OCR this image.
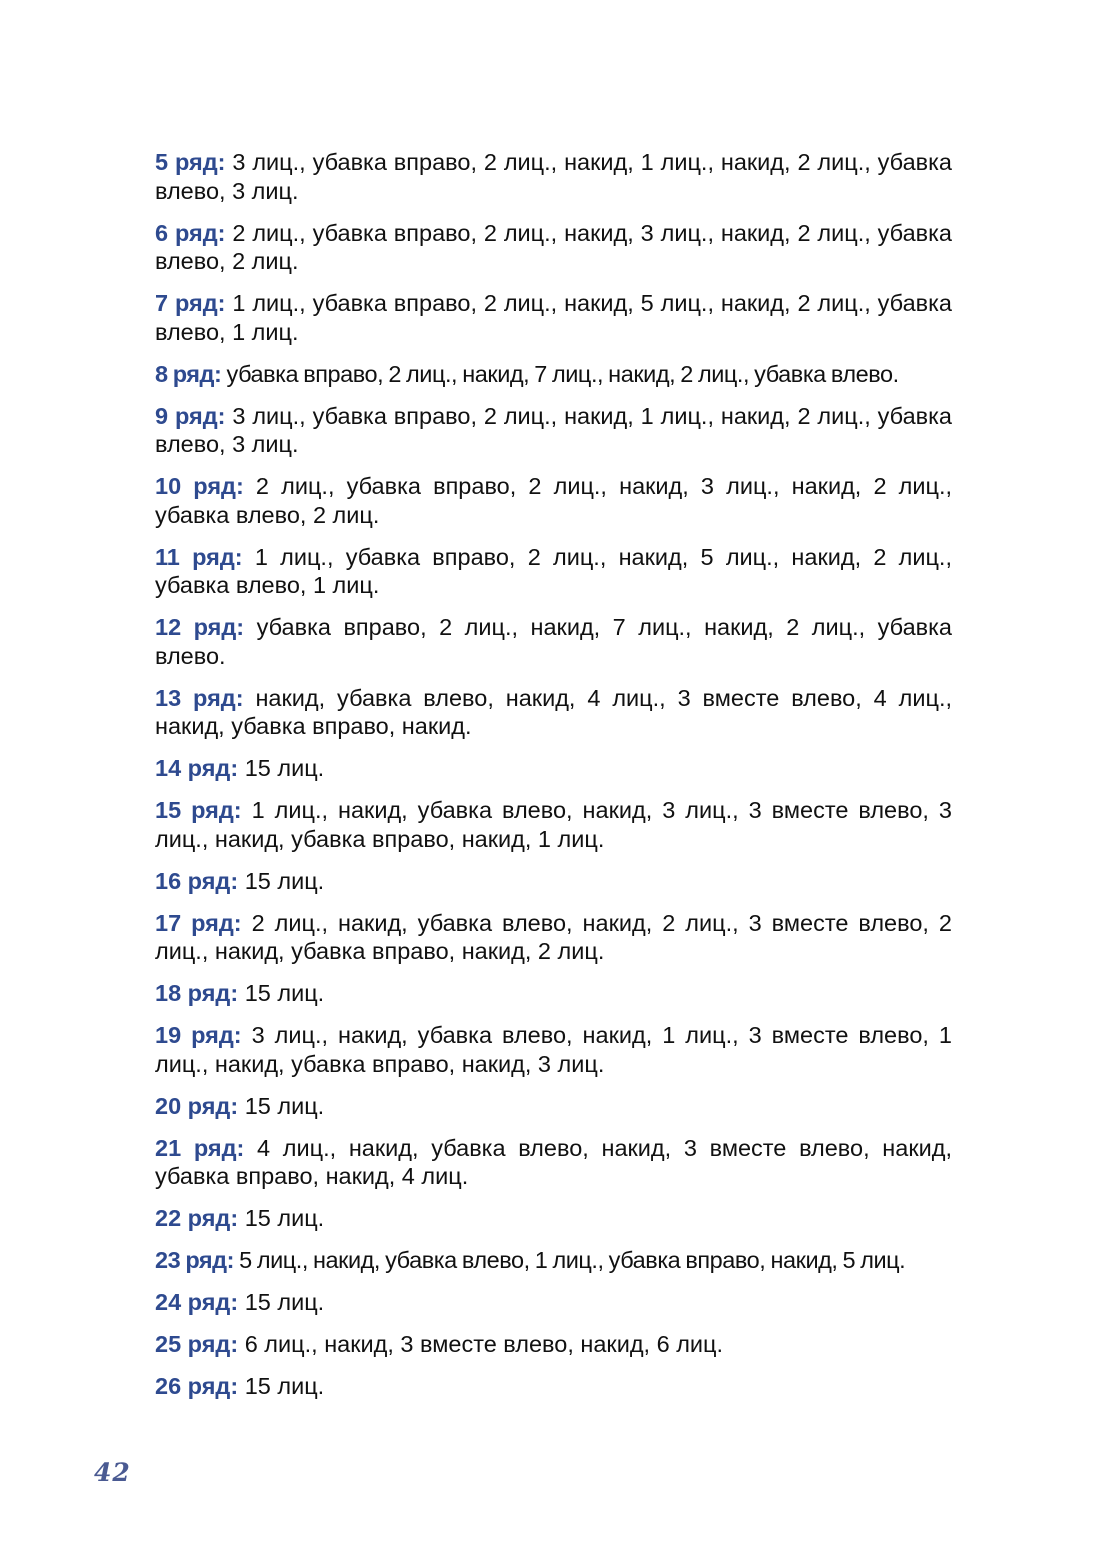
5 ряд: 3 лиц., убавка вправо, 2 лиц., накид, 1 лиц., накид, 2 лиц., убавка влево, 3 лиц.
6 ряд: 2 лиц., убавка вправо, 2 лиц., накид, 3 лиц., накид, 2 лиц., убавка влево, 2 лиц.
7 ряд: 1 лиц., убавка вправо, 2 лиц., накид, 5 лиц., накид, 2 лиц., убавка влево, 1 лиц.
8 ряд: убавка вправо, 2 лиц., накид, 7 лиц., накид, 2 лиц., убавка влево.
9 ряд: 3 лиц., убавка вправо, 2 лиц., накид, 1 лиц., накид, 2 лиц., убавка влево, 3 лиц.
10 ряд: 2 лиц., убавка вправо, 2 лиц., накид, 3 лиц., накид, 2 лиц., убавка влево, 2 лиц.
11 ряд: 1 лиц., убавка вправо, 2 лиц., накид, 5 лиц., накид, 2 лиц., убавка влево, 1 лиц.
12 ряд: убавка вправо, 2 лиц., накид, 7 лиц., накид, 2 лиц., убавка влево.
13 ряд: накид, убавка влево, накид, 4 лиц., 3 вместе влево, 4 лиц., накид, убавка вправо, накид.
14 ряд: 15 лиц.
15 ряд: 1 лиц., накид, убавка влево, накид, 3 лиц., 3 вместе влево, 3 лиц., накид, убавка вправо, накид, 1 лиц.
16 ряд: 15 лиц.
17 ряд: 2 лиц., накид, убавка влево, накид, 2 лиц., 3 вместе влево, 2 лиц., накид, убавка вправо, накид, 2 лиц.
18 ряд: 15 лиц.
19 ряд: 3 лиц., накид, убавка влево, накид, 1 лиц., 3 вместе влево, 1 лиц., накид, убавка вправо, накид, 3 лиц.
20 ряд: 15 лиц.
21 ряд: 4 лиц., накид, убавка влево, накид, 3 вместе влево, накид, убавка вправо, накид, 4 лиц.
22 ряд: 15 лиц.
23 ряд: 5 лиц., накид, убавка влево, 1 лиц., убавка вправо, накид, 5 лиц.
24 ряд: 15 лиц.
25 ряд: 6 лиц., накид, 3 вместе влево, накид, 6 лиц.
26 ряд: 15 лиц.
42
